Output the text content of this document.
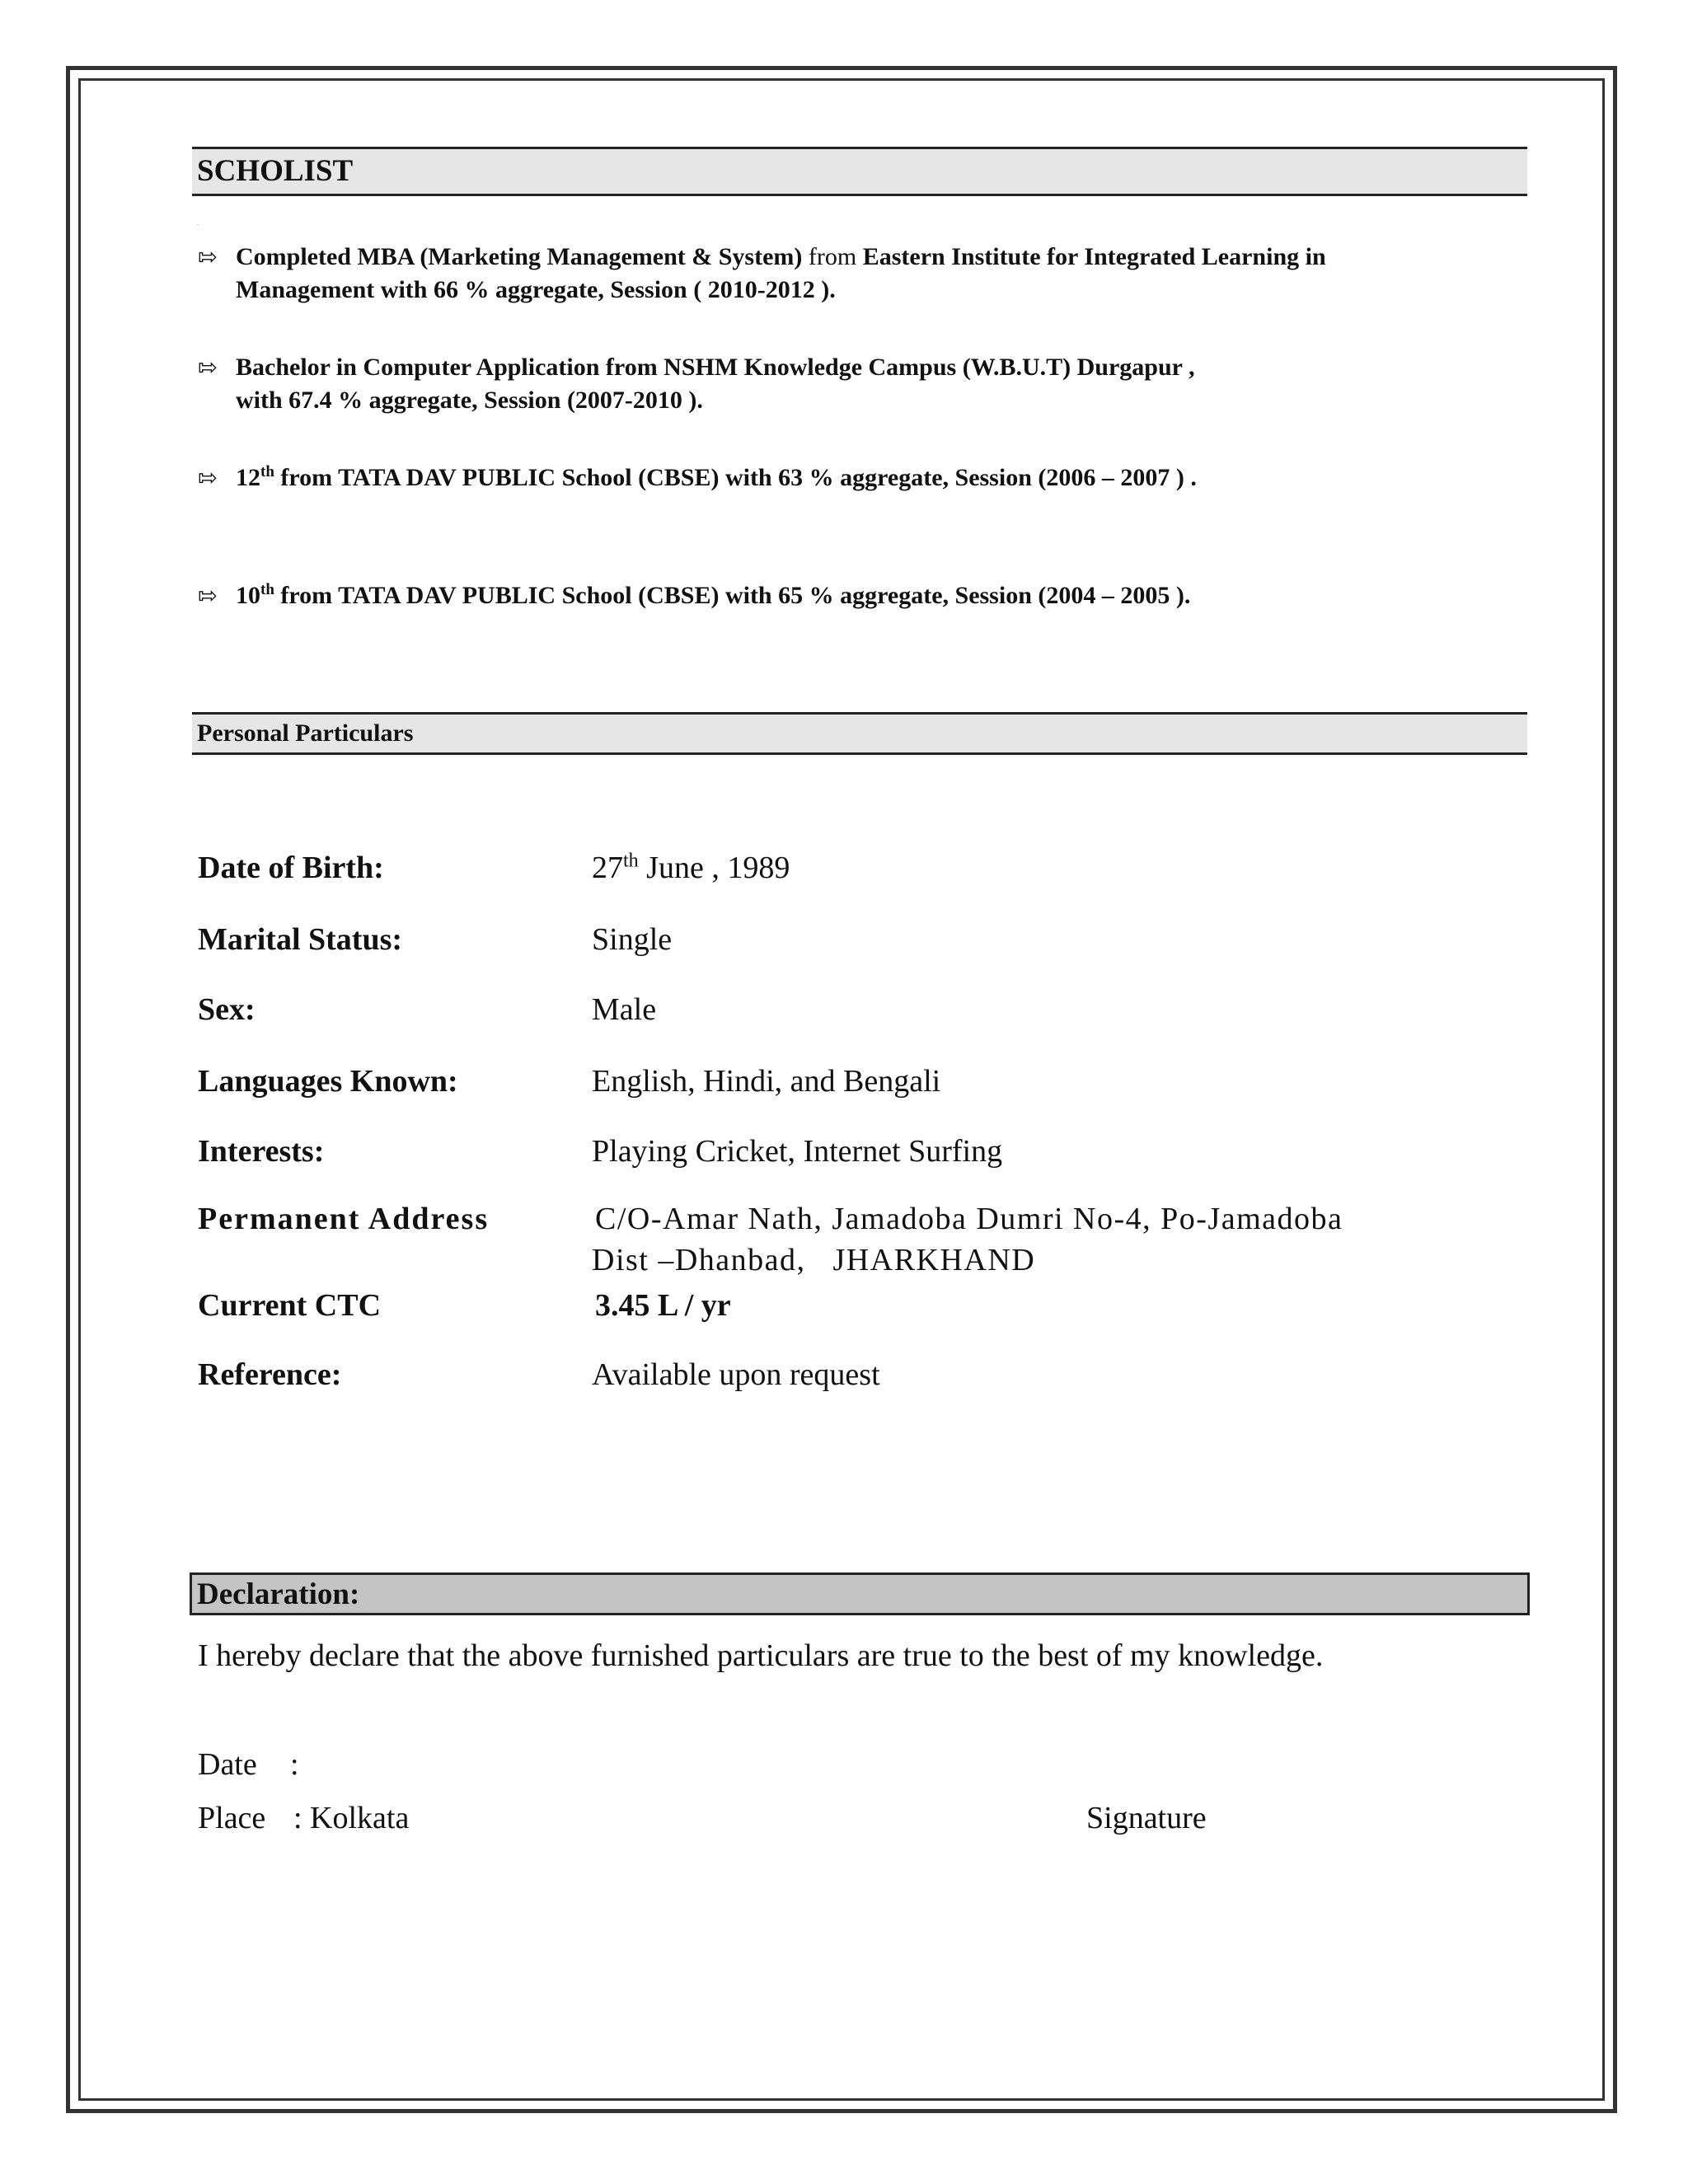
SCHOLIST
·
⇰ Completed MBA (Marketing Management & System) from Eastern Institute for Integrated Learning in
Management with 66 % aggregate, Session ( 2010-2012 ).
⇰ Bachelor in Computer Application from NSHM Knowledge Campus (W.B.U.T) Durgapur ,
with 67.4 % aggregate, Session (2007-2010 ).
⇰ 12th from TATA DAV PUBLIC School (CBSE) with 63 % aggregate, Session (2006 – 2007 ) .
⇰ 10th from TATA DAV PUBLIC School (CBSE) with 65 % aggregate, Session (2004 – 2005 ).
Personal Particulars
Date of Birth:	27th June , 1989
Marital Status:	Single
Sex:	Male
Languages Known:	English, Hindi, and Bengali
Interests:	Playing Cricket, Internet Surfing
Permanent Address	C/O-Amar Nath, Jamadoba Dumri No-4, Po-Jamadoba
Dist –Dhanbad,   JHARKHAND
Current CTC	3.45 L / yr
Reference:	Available upon request
Declaration:
I hereby declare that the above furnished particulars are true to the best of my knowledge.
Date :
Place : Kolkata	Signature
